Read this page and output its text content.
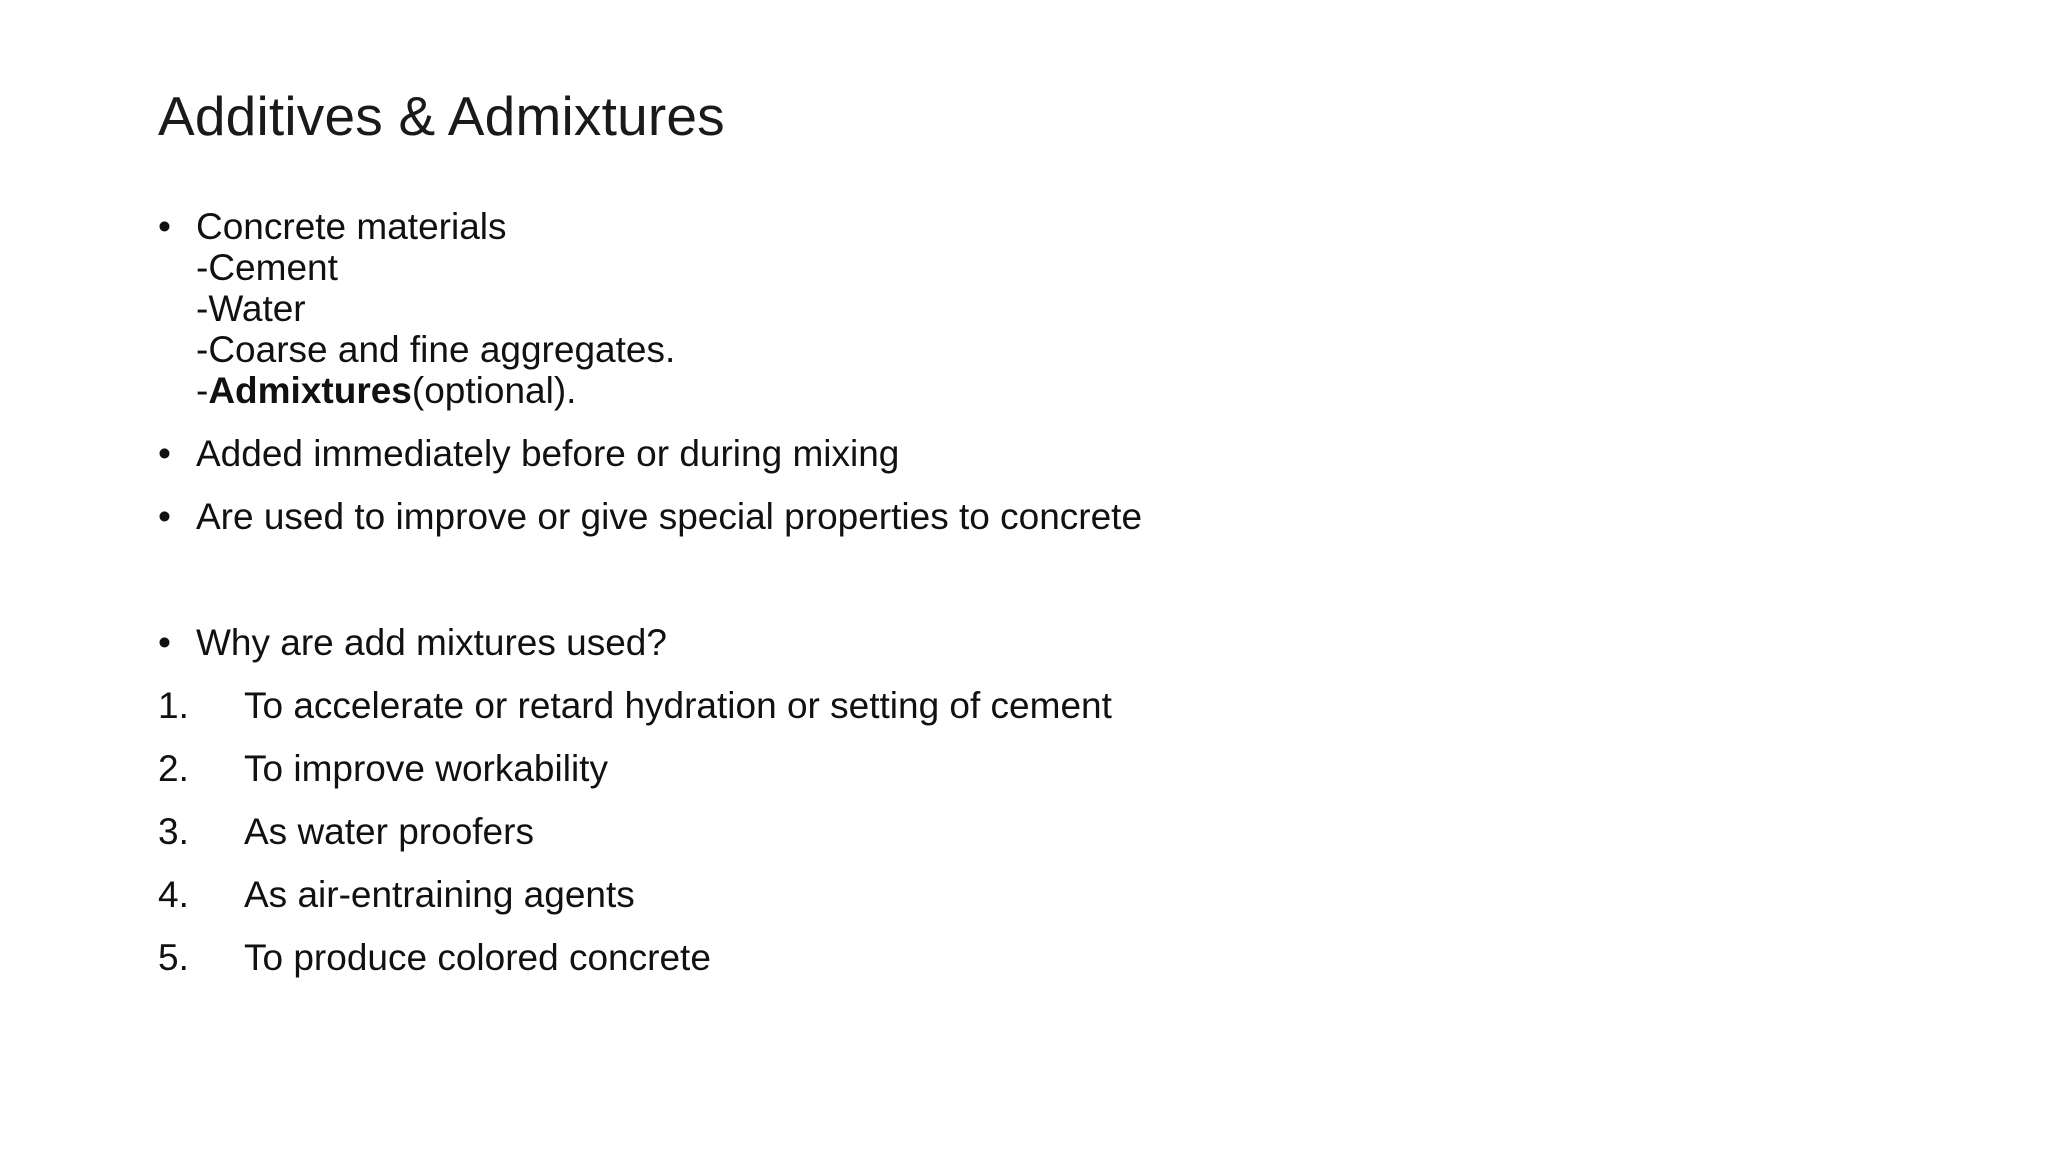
Additives & Admixtures
• Concrete materials
-Cement
-Water
-Coarse and fine aggregates.
-Admixtures(optional).
• Added immediately before or during mixing
• Are used to improve or give special properties to concrete
• Why are add mixtures used?
1. To accelerate or retard hydration or setting of cement
2. To improve workability
3. As water proofers
4. As air-entraining agents
5. To produce colored concrete
